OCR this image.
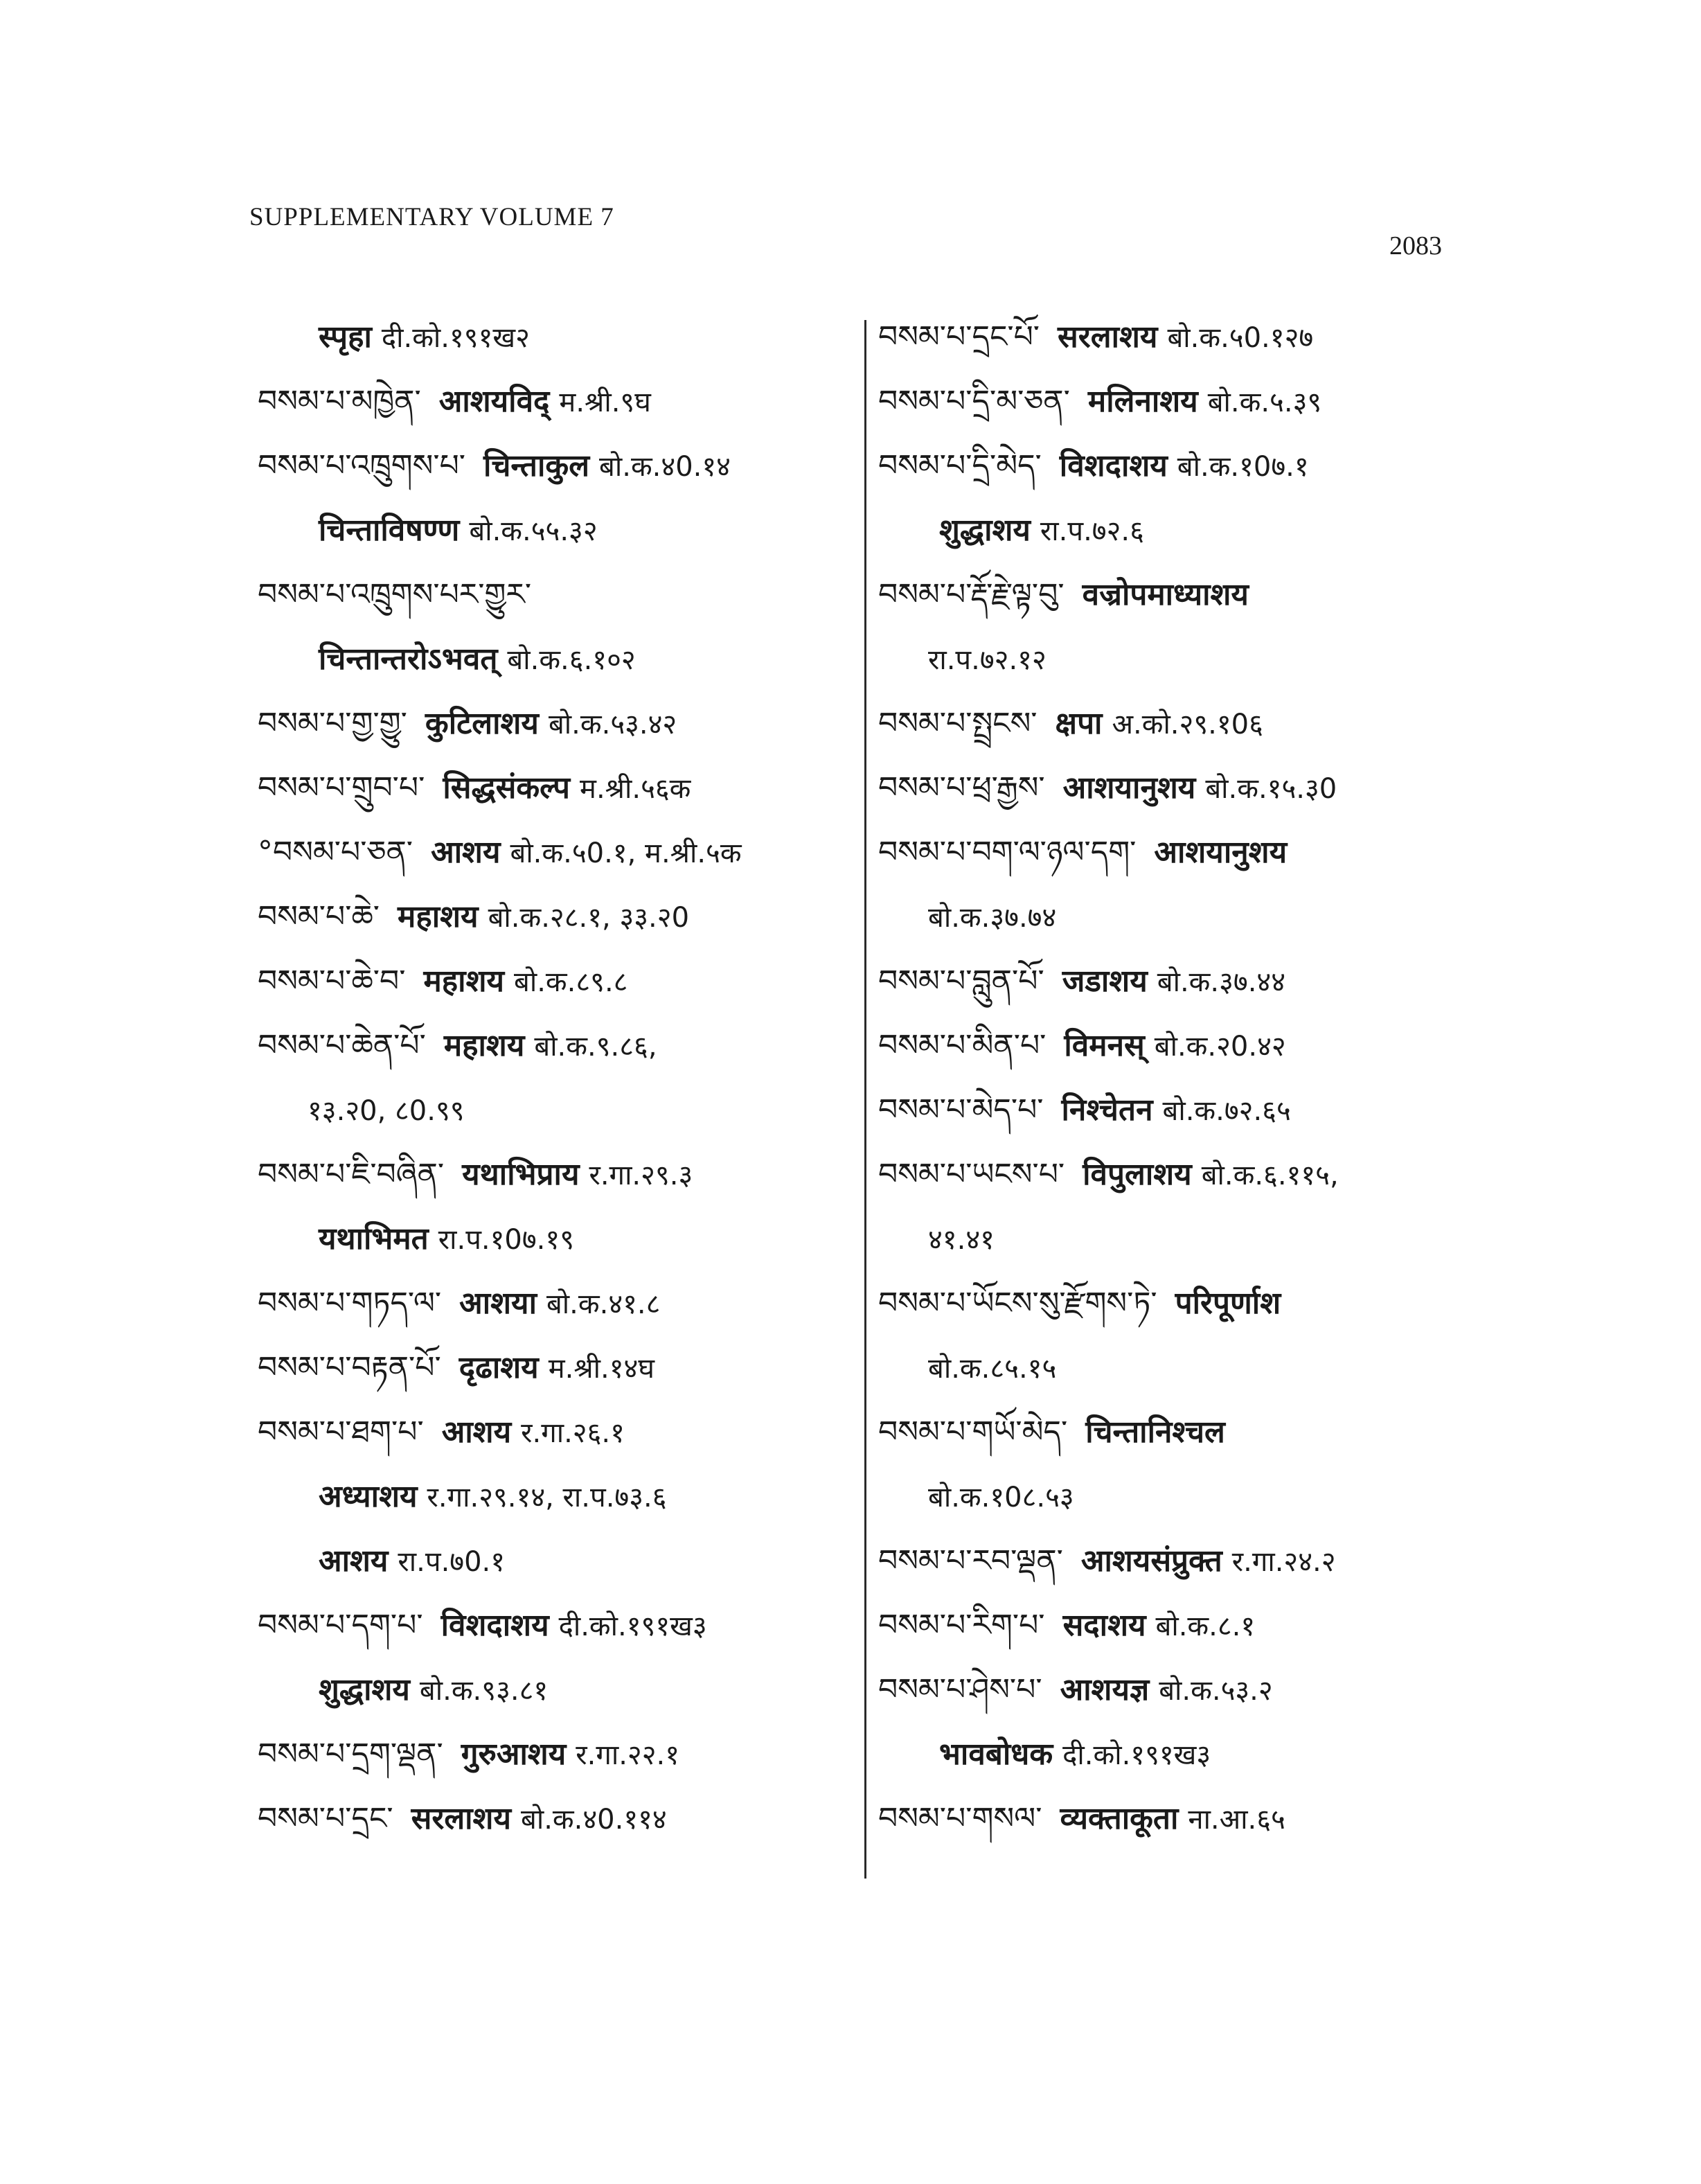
SUPPLEMENTARY VOLUME 7
2083
स्पृहा दी.को.१९१ख२
བསམ་པ་མཁྱེན་ आशयविद् म.श्री.९घ
བསམ་པ་འཁྲུགས་པ་ चिन्ताकुल बो.क.४0.१४
चिन्ताविषण्ण बो.क.५५.३२
བསམ་པ་འཁྲུགས་པར་གྱུར་
चिन्तान्तरोऽभवत् बो.क.६.१०२
བསམ་པ་གྱ་གྱུ་ कुटिलाशय बो.क.५३.४२
བསམ་པ་གྲུབ་པ་ सिद्धसंकल्प म.श्री.५६क
°བསམ་པ་ཅན་ आशय बो.क.५0.१, म.श्री.५क
བསམ་པ་ཆེ་ महाशय बो.क.२८.१, ३३.२0
བསམ་པ་ཆེ་བ་ महाशय बो.क.८९.८
བསམ་པ་ཆེན་པོ་ महाशय बो.क.९.८६,
१३.२0, ८0.९९
བསམ་པ་ཇི་བཞིན་ यथाभिप्राय र.गा.२९.३
यथाभिमत रा.प.१0७.१९
བསམ་པ་གཏད་ལ་ आशया बो.क.४१.८
བསམ་པ་བརྟན་པོ་ दृढाशय म.श्री.१४घ
བསམ་པ་ཐག་པ་ आशय र.गा.२६.१
अध्याशय र.गा.२९.१४, रा.प.७३.६
आशय रा.प.७0.१
བསམ་པ་དག་པ་ विशदाशय दी.को.१९१ख३
शुद्धाशय बो.क.९३.८१
བསམ་པ་དྲག་ལྡན་ गुरुआशय र.गा.२२.१
བསམ་པ་དྲང་ सरलाशय बो.क.४0.११४
བསམ་པ་དྲང་པོ་ सरलाशय बो.क.५0.१२७
བསམ་པ་དྲི་མ་ཅན་ मलिनाशय बो.क.५.३९
བསམ་པ་དྲི་མེད་ विशदाशय बो.क.१0७.१
शुद्धाशय रा.प.७२.६
བསམ་པ་རྡོ་རྗེ་ལྟ་བུ་ वज्रोपमाध्याशय
रा.प.७२.१२
བསམ་པ་སྤྲངས་ क्षपा अ.को.२९.१0६
བསམ་པ་ཕྲ་རྒྱས་ आशयानुशय बो.क.१५.३0
བསམ་པ་བག་ལ་ཉལ་དག་ आशयानुशय
बो.क.३७.७४
བསམ་པ་བླུན་པོ་ जडाशय बो.क.३७.४४
བསམ་པ་མིན་པ་ विमनस् बो.क.२0.४२
བསམ་པ་མེད་པ་ निश्चेतन बो.क.७२.६५
བསམ་པ་ཡངས་པ་ विपुलाशय बो.क.६.११५,
४१.४१
བསམ་པ་ཡོངས་སུ་རྫོགས་ཏེ་ परिपूर्णाश
बो.क.८५.१५
བསམ་པ་གཡོ་མེད་ चिन्तानिश्चल
बो.क.१0८.५३
བསམ་པ་རབ་ལྡན་ आशयसंप्रुक्त र.गा.२४.२
བསམ་པ་རིག་པ་ सदाशय बो.क.८.१
བསམ་པ་ཤེས་པ་ आशयज्ञ बो.क.५३.२
भावबोधक दी.को.१९१ख३
བསམ་པ་གསལ་ व्यक्ताकूता ना.आ.६५
